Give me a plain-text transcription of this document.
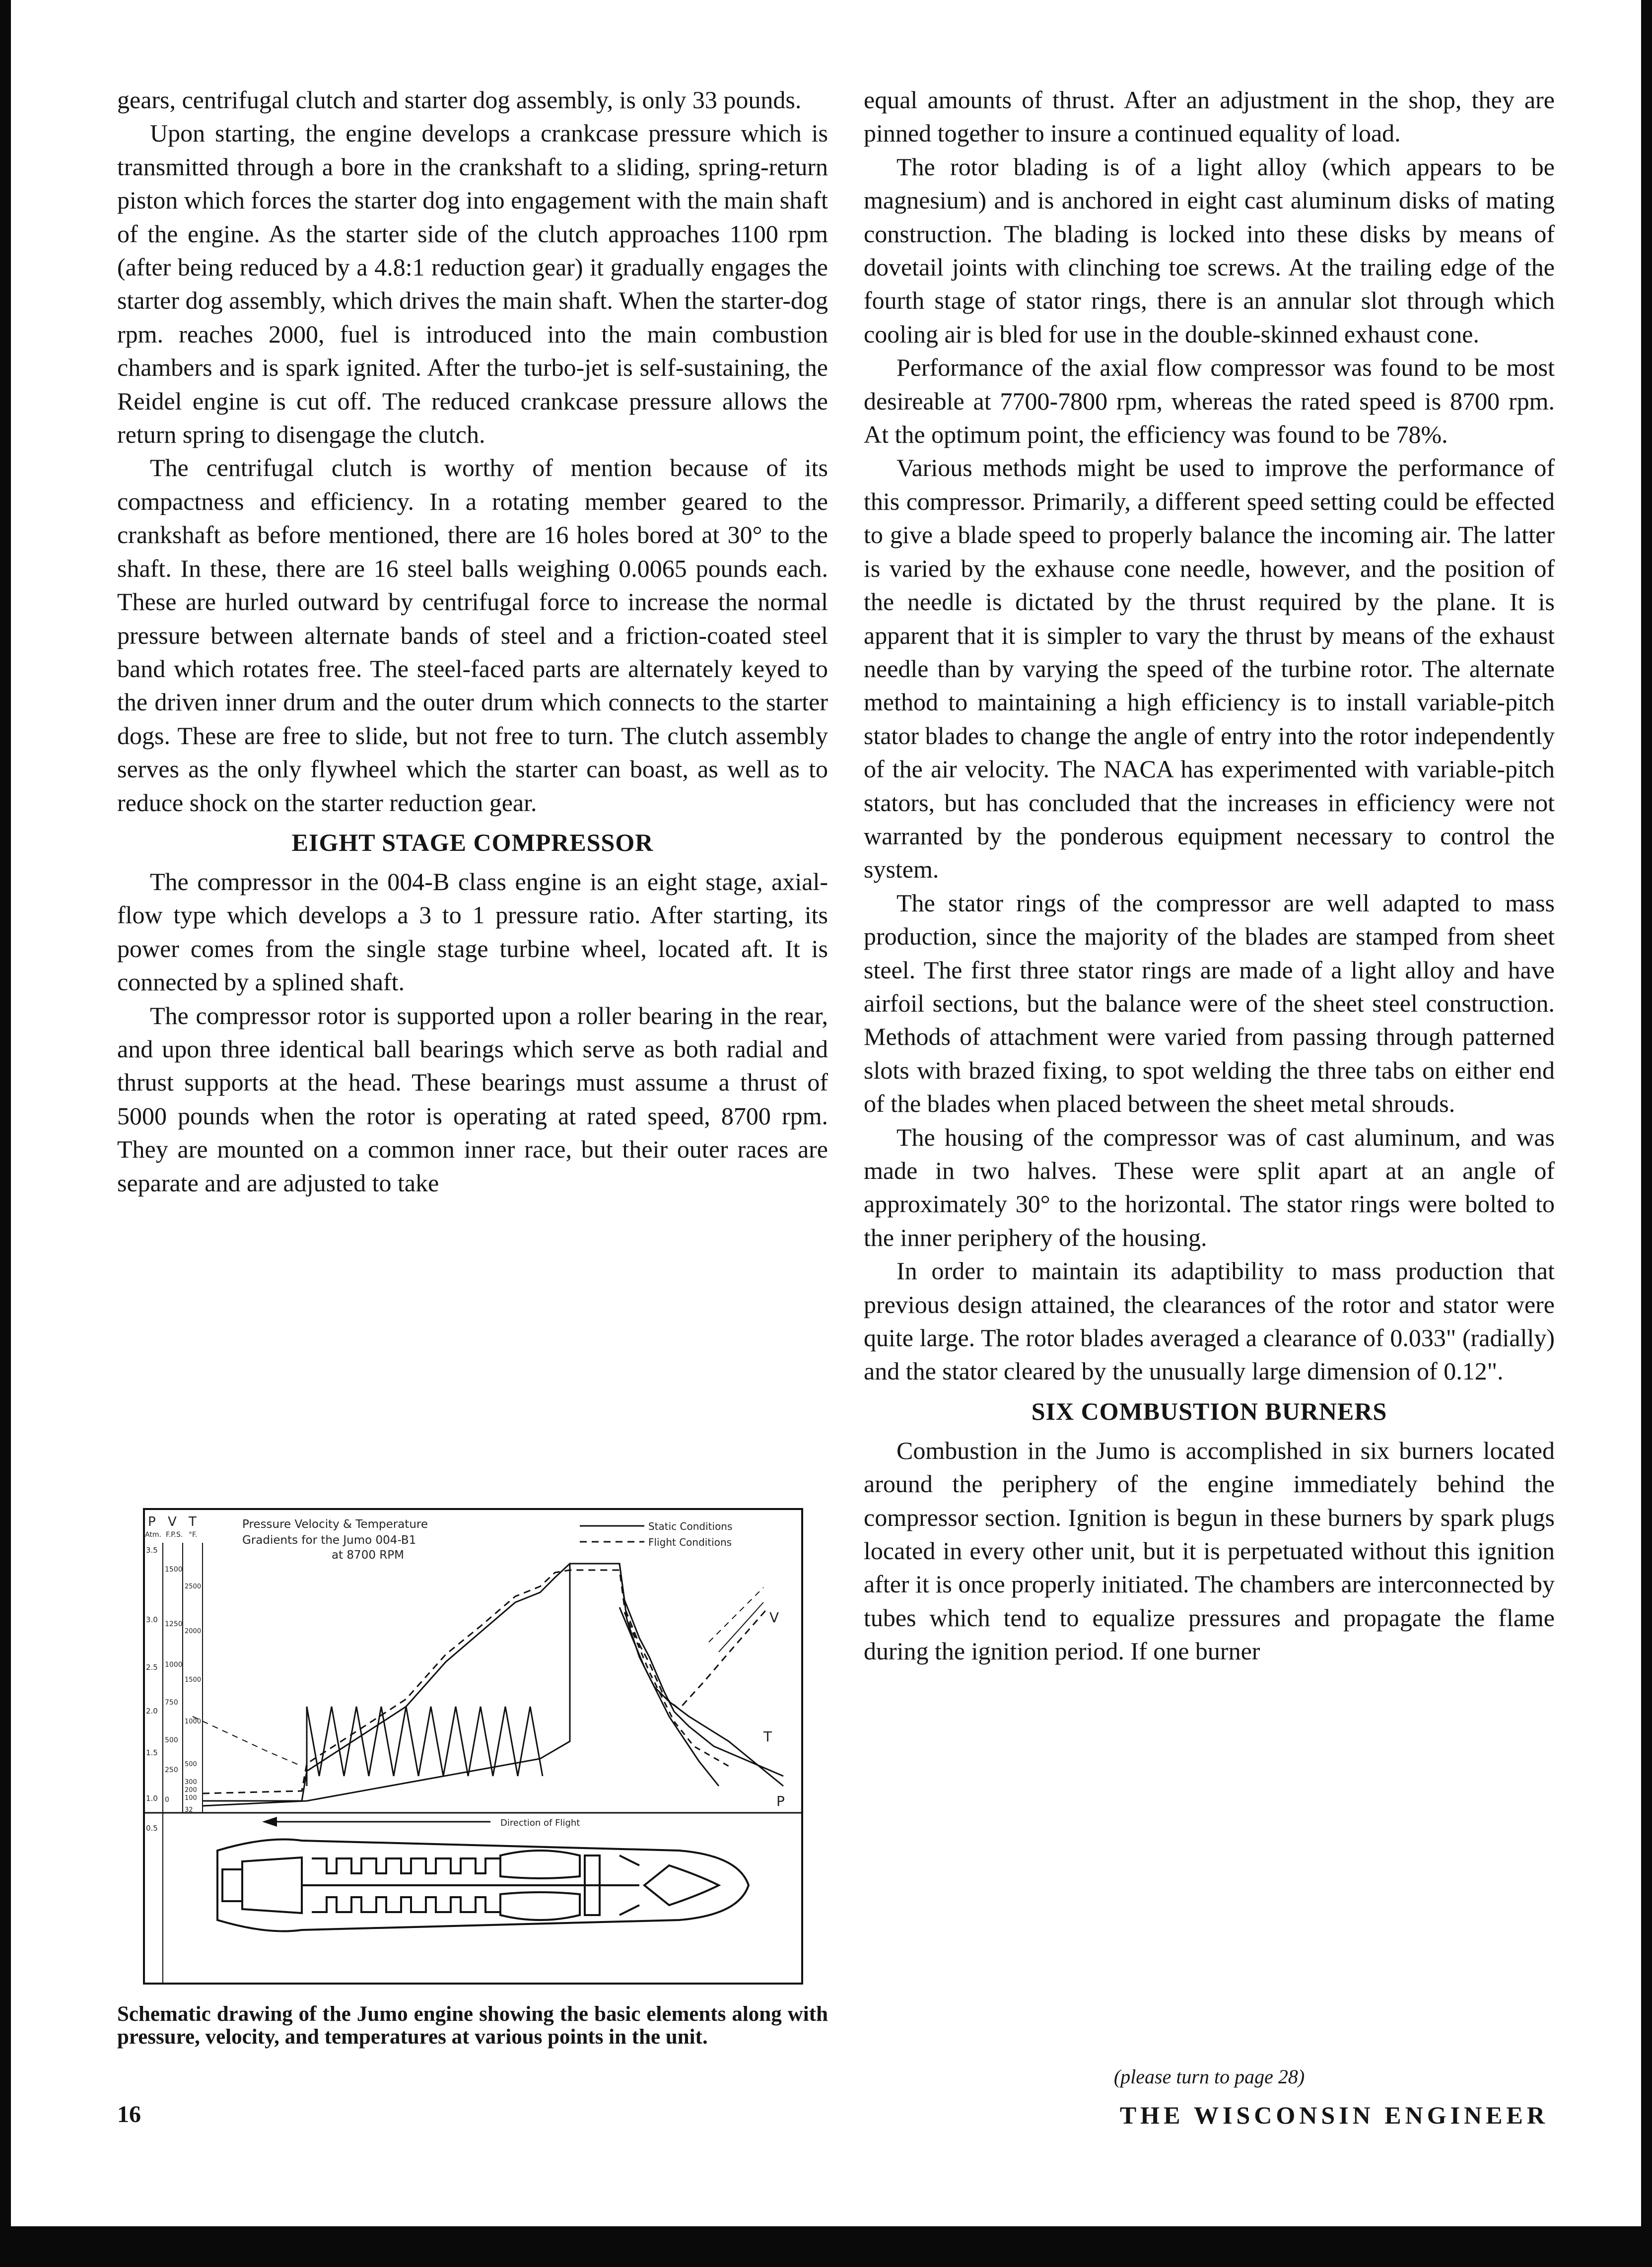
gears, centrifugal clutch and starter dog assembly, is only 33 pounds.

Upon starting, the engine develops a crankcase pressure which is transmitted through a bore in the crankshaft to a sliding, spring-return piston which forces the starter dog into engagement with the main shaft of the engine. As the starter side of the clutch approaches 1100 rpm (after being reduced by a 4.8:1 reduction gear) it gradually engages the starter dog assembly, which drives the main shaft. When the starter-dog rpm. reaches 2000, fuel is introduced into the main combustion chambers and is spark ignited. After the turbo-jet is self-sustaining, the Reidel engine is cut off. The reduced crankcase pressure allows the return spring to disengage the clutch.

The centrifugal clutch is worthy of mention because of its compactness and efficiency. In a rotating member geared to the crankshaft as before mentioned, there are 16 holes bored at 30° to the shaft. In these, there are 16 steel balls weighing 0.0065 pounds each. These are hurled outward by centrifugal force to increase the normal pressure between alternate bands of steel and a friction-coated steel band which rotates free. The steel-faced parts are alternately keyed to the driven inner drum and the outer drum which connects to the starter dogs. These are free to slide, but not free to turn. The clutch assembly serves as the only flywheel which the starter can boast, as well as to reduce shock on the starter reduction gear.

EIGHT STAGE COMPRESSOR

The compressor in the 004-B class engine is an eight stage, axial-flow type which develops a 3 to 1 pressure ratio. After starting, its power comes from the single stage turbine wheel, located aft. It is connected by a splined shaft.

The compressor rotor is supported upon a roller bearing in the rear, and upon three identical ball bearings which serve as both radial and thrust supports at the head. These bearings must assume a thrust of 5000 pounds when the rotor is operating at rated speed, 8700 rpm. They are mounted on a common inner race, but their outer races are separate and are adjusted to take

equal amounts of thrust. After an adjustment in the shop, they are pinned together to insure a continued equality of load.

The rotor blading is of a light alloy (which appears to be magnesium) and is anchored in eight cast aluminum disks of mating construction. The blading is locked into these disks by means of dovetail joints with clinching toe screws. At the trailing edge of the fourth stage of stator rings, there is an annular slot through which cooling air is bled for use in the double-skinned exhaust cone.

Performance of the axial flow compressor was found to be most desireable at 7700-7800 rpm, whereas the rated speed is 8700 rpm. At the optimum point, the efficiency was found to be 78%.

Various methods might be used to improve the performance of this compressor. Primarily, a different speed setting could be effected to give a blade speed to properly balance the incoming air. The latter is varied by the exhause cone needle, however, and the position of the needle is dictated by the thrust required by the plane. It is apparent that it is simpler to vary the thrust by means of the exhaust needle than by varying the speed of the turbine rotor. The alternate method to maintaining a high efficiency is to install variable-pitch stator blades to change the angle of entry into the rotor independently of the air velocity. The NACA has experimented with variable-pitch stators, but has concluded that the increases in efficiency were not warranted by the ponderous equipment necessary to control the system.

The stator rings of the compressor are well adapted to mass production, since the majority of the blades are stamped from sheet steel. The first three stator rings are made of a light alloy and have airfoil sections, but the balance were of the sheet steel construction. Methods of attachment were varied from passing through patterned slots with brazed fixing, to spot welding the three tabs on either end of the blades when placed between the sheet metal shrouds.

The housing of the compressor was of cast aluminum, and was made in two halves. These were split apart at an angle of approximately 30° to the horizontal. The stator rings were bolted to the inner periphery of the housing.

In order to maintain its adaptibility to mass production that previous design attained, the clearances of the rotor and stator were quite large. The rotor blades averaged a clearance of 0.033" (radially) and the stator cleared by the unusually large dimension of 0.12".

SIX COMBUSTION BURNERS

Combustion in the Jumo is accomplished in six burners located around the periphery of the engine immediately behind the compressor section. Ignition is begun in these burners by spark plugs located in every other unit, but it is perpetuated without this ignition after it is once properly initiated. The chambers are interconnected by tubes which tend to equalize pressures and propagate the flame during the ignition period. If one burner

(please turn to page 28)
P V T
Atm. F.P.S. °F.
3.5
3.0
2.5
2.0
1.5
1.0
0.5
1500
1250
1000
750
500
250
0
2500
2000
1500
1000
500
300
200
100
32
Pressure Velocity & Temperature
Gradients for the Jumo 004-B1
at 8700 RPM
Static Conditions
Flight Conditions
V
T
P
Direction of Flight

Schematic drawing of the Jumo engine showing the basic elements along with pressure, velocity, and temperatures at various points in the unit.

16	THE WISCONSIN ENGINEER
